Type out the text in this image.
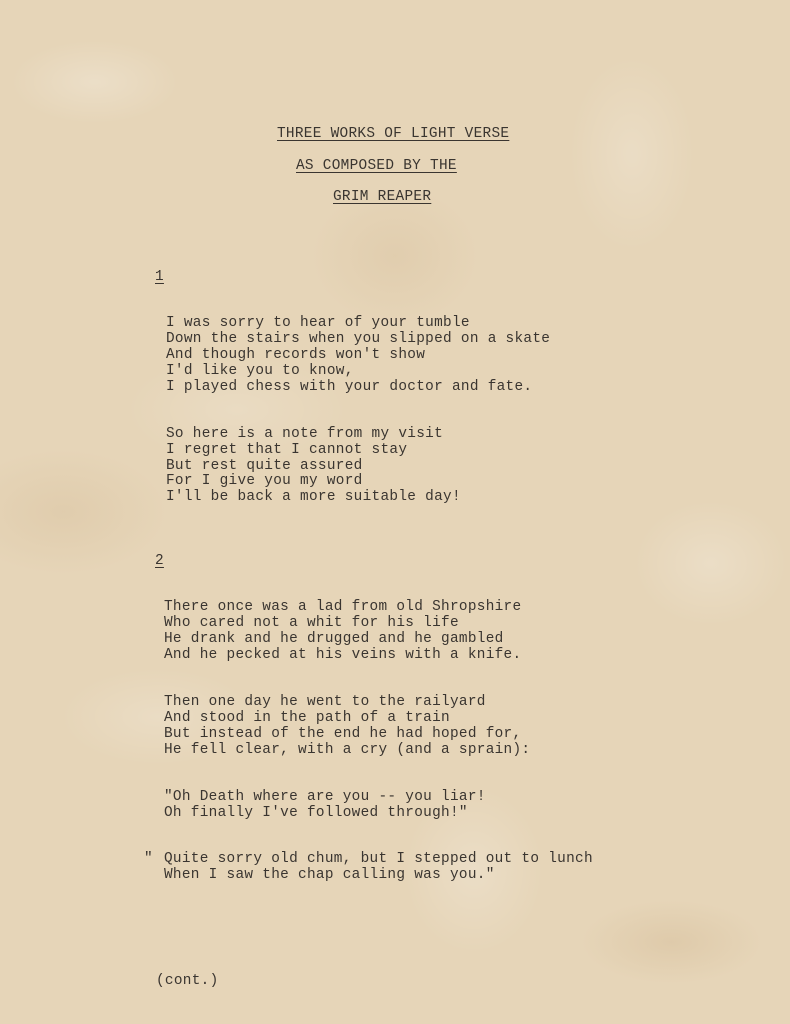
THREE WORKS OF LIGHT VERSE
AS COMPOSED BY THE
GRIM REAPER
1
I was sorry to hear of your tumble
Down the stairs when you slipped on a skate
And though records won't show
I'd like you to know,
I played chess with your doctor and fate.
So here is a note from my visit
I regret that I cannot stay
But rest quite assured
For I give you my word
I'll be back a more suitable day!
2
There once was a lad from old Shropshire
Who cared not a whit for his life
He drank and he drugged and he gambled
And he pecked at his veins with a knife.
Then one day he went to the railyard
And stood in the path of a train
But instead of the end he had hoped for,
He fell clear, with a cry (and a sprain):
"Oh Death where are you -- you liar!
Oh finally I've followed through!"
" Quite sorry old chum, but I stepped out to lunch
When I saw the chap calling was you."
(cont.)
